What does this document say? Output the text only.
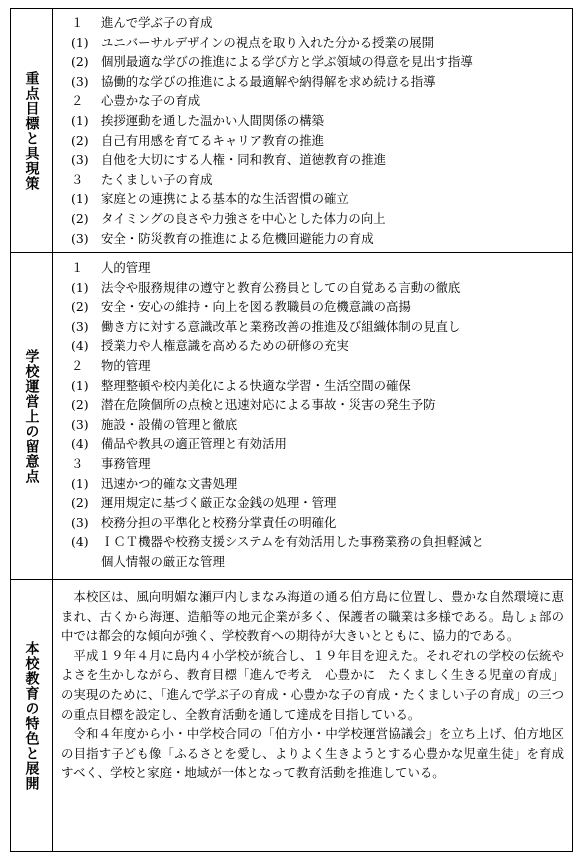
重点目標と具現策
１ 進んで学ぶ子の育成
(1) ユニバーサルデザインの視点を取り入れた分かる授業の展開
(2) 個別最適な学びの推進による学び方と学ぶ領域の得意を見出す指導
(3) 協働的な学びの推進による最適解や納得解を求め続ける指導
２ 心豊かな子の育成
(1) 挨拶運動を通した温かい人間関係の構築
(2) 自己有用感を育てるキャリア教育の推進
(3) 自他を大切にする人権・同和教育、道徳教育の推進
３ たくましい子の育成
(1) 家庭との連携による基本的な生活習慣の確立
(2) タイミングの良さや力強さを中心とした体力の向上
(3) 安全・防災教育の推進による危機回避能力の育成
学校運営上の留意点
１ 人的管理
(1) 法令や服務規律の遵守と教育公務員としての自覚ある言動の徹底
(2) 安全・安心の維持・向上を図る教職員の危機意識の高揚
(3) 働き方に対する意識改革と業務改善の推進及び組織体制の見直し
(4) 授業力や人権意識を高めるための研修の充実
２ 物的管理
(1) 整理整頓や校内美化による快適な学習・生活空間の確保
(2) 潜在危険個所の点検と迅速対応による事故・災害の発生予防
(3) 施設・設備の管理と徹底
(4) 備品や教具の適正管理と有効活用
３ 事務管理
(1) 迅速かつ的確な文書処理
(2) 運用規定に基づく厳正な金銭の処理・管理
(3) 校務分担の平準化と校務分掌責任の明確化
(4) ＩＣＴ機器や校務支援システムを有効活用した事務業務の負担軽減と
個人情報の厳正な管理
本校教育の特色と展開
本校区は、風向明媚な瀬戸内しまなみ海道の通る伯方島に位置し、豊かな自然環境に恵まれ、古くから海運、造船等の地元企業が多く、保護者の職業は多様である。島しょ部の中では都会的な傾向が強く、学校教育への期待が大きいとともに、協力的である。
平成１９年４月に島内４小学校が統合し、１９年目を迎えた。それぞれの学校の伝統やよさを生かしながら、教育目標「進んで考え　心豊かに　たくましく生きる児童の育成」の実現のために、「進んで学ぶ子の育成・心豊かな子の育成・たくましい子の育成」の三つの重点目標を設定し、全教育活動を通して達成を目指している。
令和４年度から小・中学校合同の「伯方小・中学校運営協議会」を立ち上げ、伯方地区の目指す子ども像「ふるさとを愛し、よりよく生きようとする心豊かな児童生徒」を育成すべく、学校と家庭・地域が一体となって教育活動を推進している。
